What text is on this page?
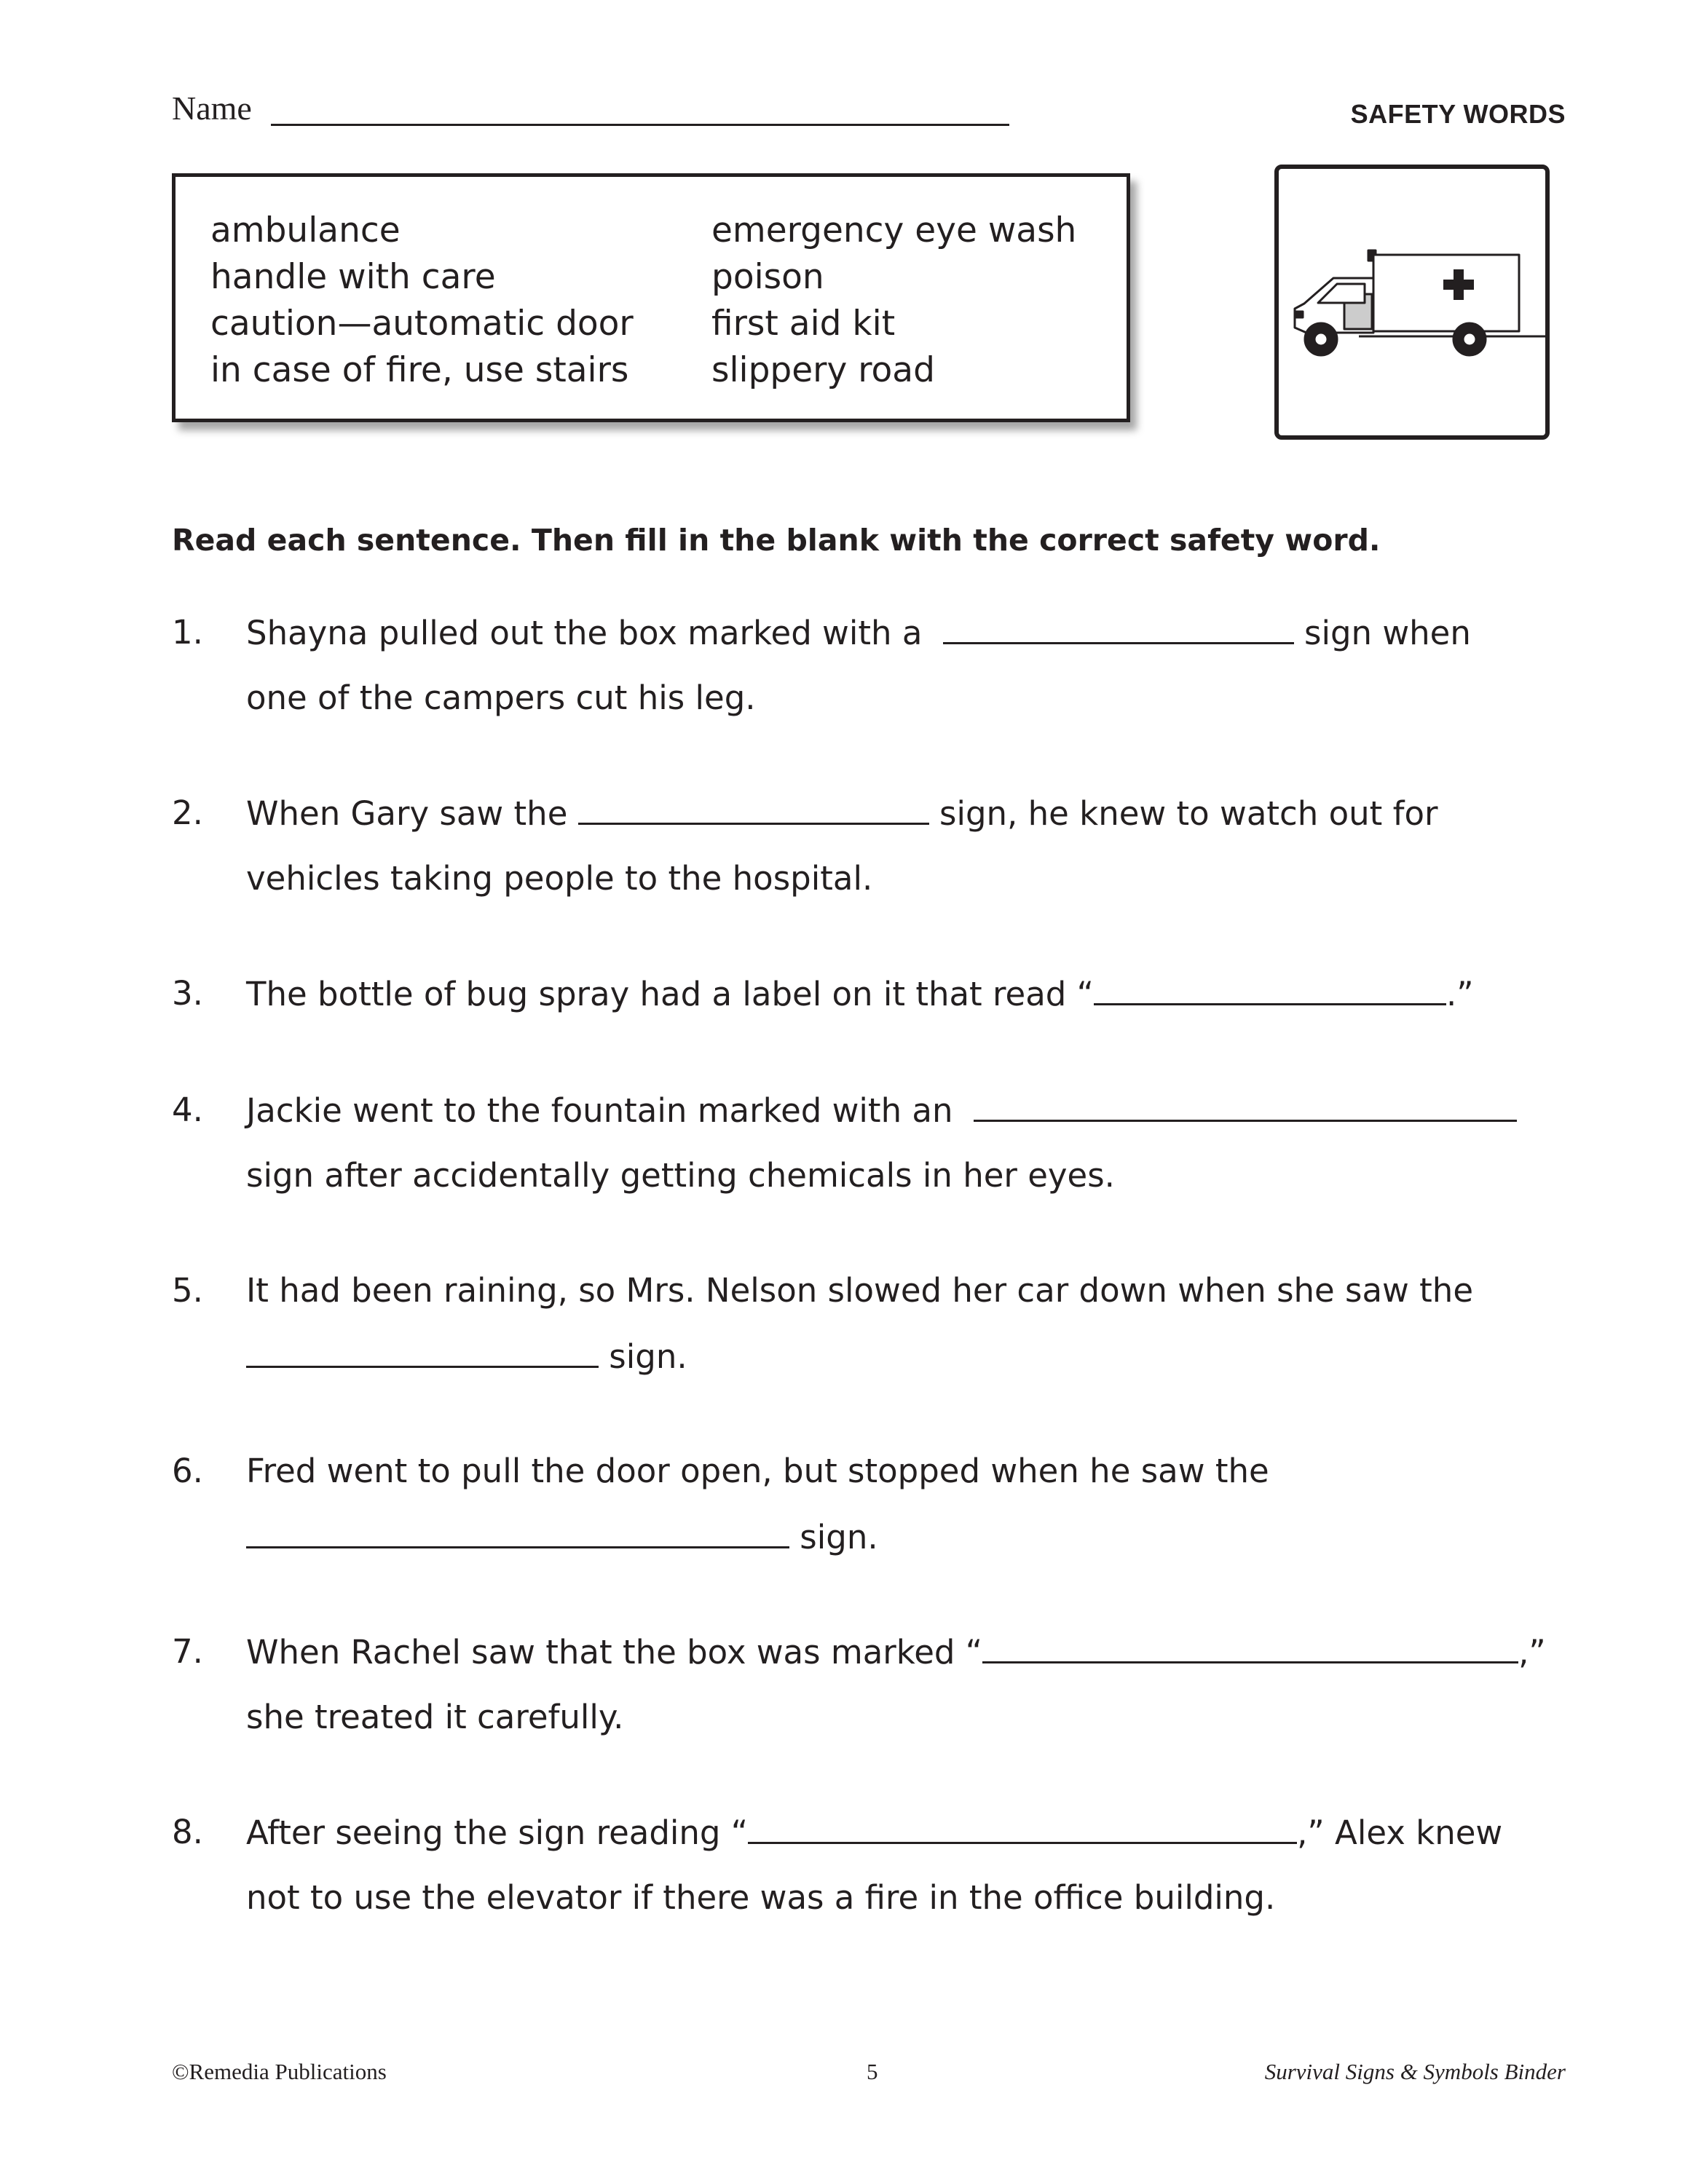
Name	SAFETY WORDS
ambulance
handle with care
caution—automatic door
in case of fire, use stairs
emergency eye wash
poison
first aid kit
slippery road
Read each sentence. Then fill in the blank with the correct safety word.
1. Shayna pulled out the box marked with a	sign when
one of the campers cut his leg.
2. When Gary saw the	sign, he knew to watch out for
vehicles taking people to the hospital.
3. The bottle of bug spray had a label on it that read “	.”
4. Jackie went to the fountain marked with an
sign after accidentally getting chemicals in her eyes.
5. It had been raining, so Mrs. Nelson slowed her car down when she saw the
sign.
6. Fred went to pull the door open, but stopped when he saw the
sign.
7. When Rachel saw that the box was marked “	,”
she treated it carefully.
8. After seeing the sign reading “	,” Alex knew
not to use the elevator if there was a fire in the office building.
©Remedia Publications	5	Survival Signs & Symbols Binder
